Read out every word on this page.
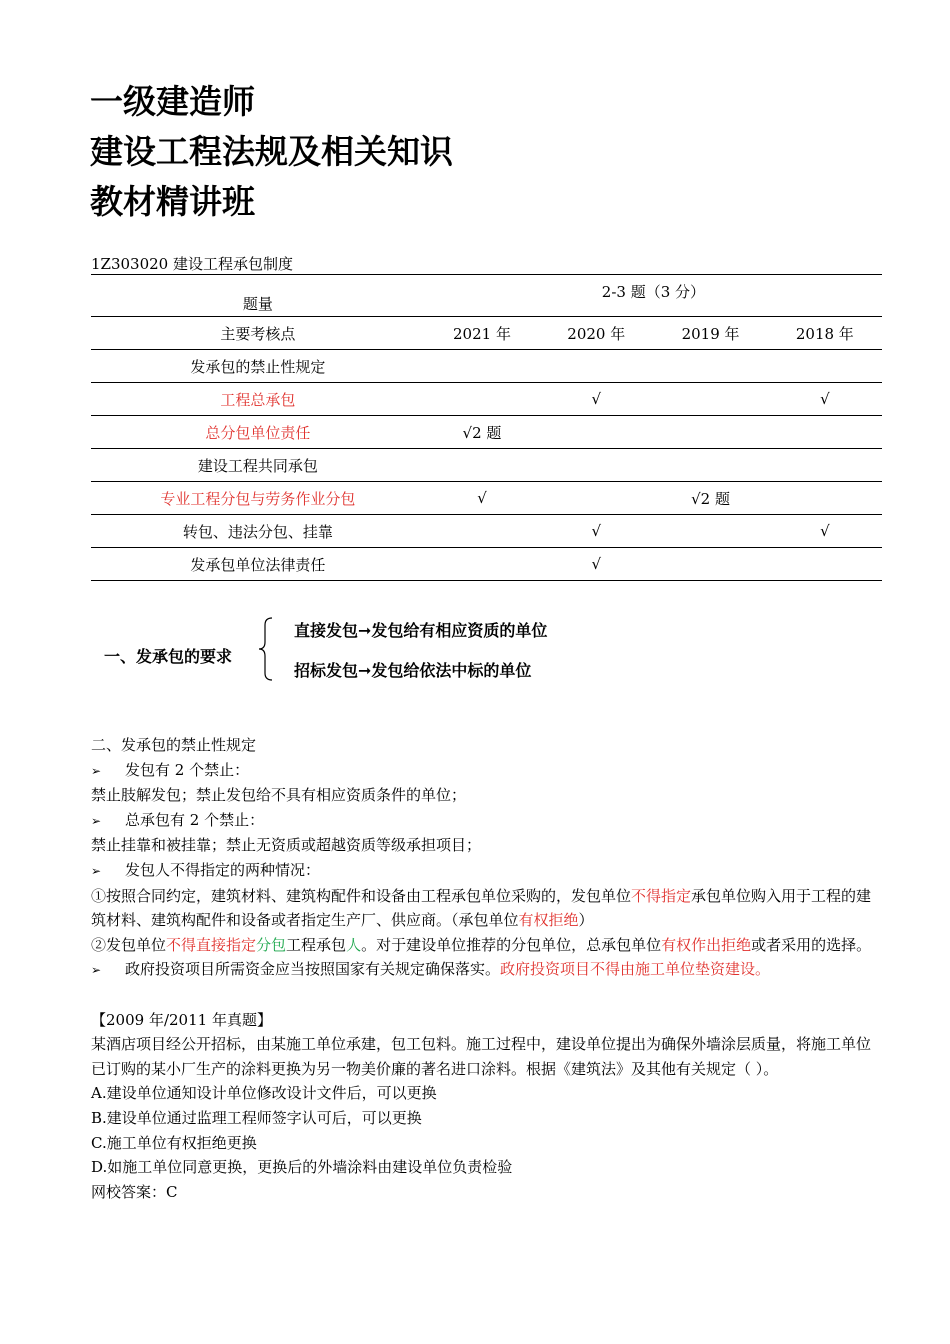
一级建造师
建设工程法规及相关知识
教材精讲班
1Z303020 建设工程承包制度
题量	2-3 题（3 分）			
主要考核点	2021 年	2020 年	2019 年	2018 年
发承包的禁止性规定				
工程总承包		√		√
总分包单位责任	√2 题			
建设工程共同承包				
专业工程分包与劳务作业分包	√		√2 题	
转包、违法分包、挂靠		√		√
发承包单位法律责任		√		
一、发承包的要求
直接发包➞发包给有相应资质的单位
招标发包➞发包给依法中标的单位

二、发承包的禁止性规定

➢ 发包有 2 个禁止：

禁止肢解发包；禁止发包给不具有相应资质条件的单位；

➢ 总承包有 2 个禁止：

禁止挂靠和被挂靠；禁止无资质或超越资质等级承担项目；

➢ 发包人不得指定的两种情况：

①按照合同约定，建筑材料、建筑构配件和设备由工程承包单位采购的，发包单位不得指定承包单位购入用于工程的建筑材料、建筑构配件和设备或者指定生产厂、供应商。（承包单位有权拒绝）

②发包单位不得直接指定分包工程承包人。对于建设单位推荐的分包单位，总承包单位有权作出拒绝或者采用的选择。

➢ 政府投资项目所需资金应当按照国家有关规定确保落实。政府投资项目不得由施工单位垫资建设。

【2009 年/2011 年真题】

某酒店项目经公开招标，由某施工单位承建，包工包料。施工过程中，建设单位提出为确保外墙涂层质量，将施工单位已订购的某小厂生产的涂料更换为另一物美价廉的著名进口涂料。根据《建筑法》及其他有关规定（ ）。

A.建设单位通知设计单位修改设计文件后，可以更换

B.建设单位通过监理工程师签字认可后，可以更换

C.施工单位有权拒绝更换

D.如施工单位同意更换，更换后的外墙涂料由建设单位负责检验

网校答案：C
